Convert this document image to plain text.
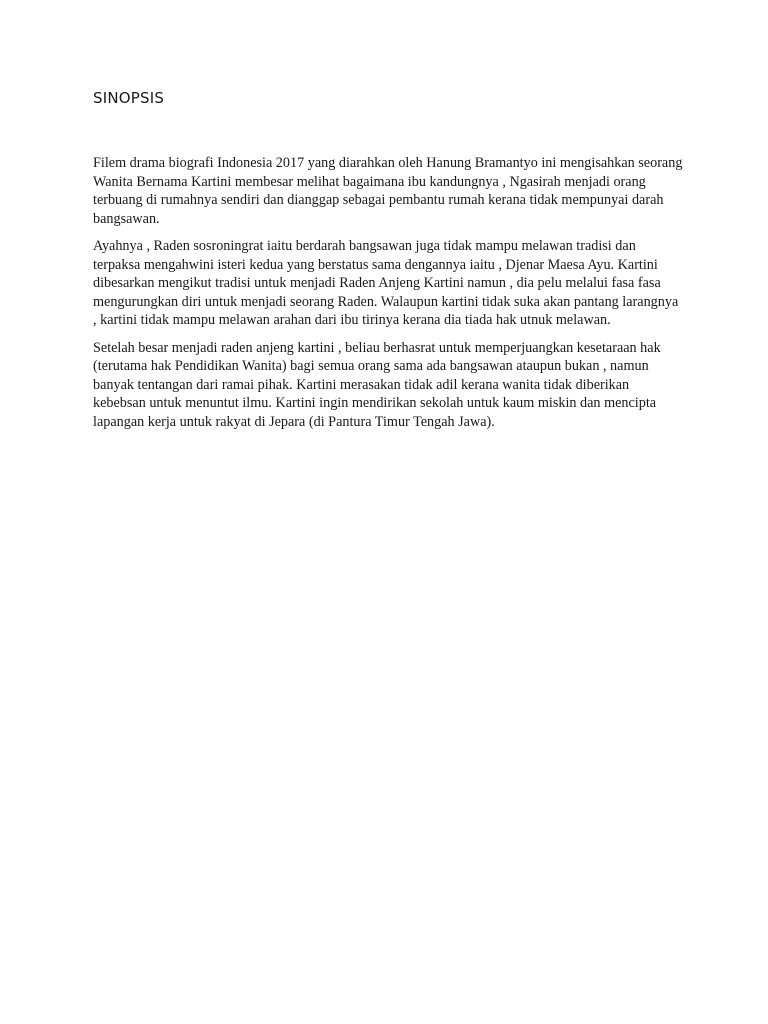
SINOPSIS

Filem drama biografi Indonesia 2017 yang diarahkan oleh Hanung Bramantyo ini mengisahkan seorang Wanita Bernama Kartini membesar melihat bagaimana ibu kandungnya , Ngasirah menjadi orang terbuang di rumahnya sendiri dan dianggap sebagai pembantu rumah kerana tidak mempunyai darah bangsawan.

Ayahnya , Raden sosroningrat iaitu berdarah bangsawan juga tidak mampu melawan tradisi dan terpaksa mengahwini isteri kedua yang berstatus sama dengannya iaitu , Djenar Maesa Ayu. Kartini dibesarkan mengikut tradisi untuk menjadi Raden Anjeng Kartini namun , dia pelu melalui fasa fasa mengurungkan diri untuk menjadi seorang Raden. Walaupun kartini tidak suka akan pantang larangnya , kartini tidak mampu melawan arahan dari ibu tirinya kerana dia tiada hak utnuk melawan.

Setelah besar menjadi raden anjeng kartini , beliau berhasrat untuk memperjuangkan kesetaraan hak (terutama hak Pendidikan Wanita) bagi semua orang sama ada bangsawan ataupun bukan , namun banyak tentangan dari ramai pihak. Kartini merasakan tidak adil kerana wanita tidak diberikan kebebsan untuk menuntut ilmu. Kartini ingin mendirikan sekolah untuk kaum miskin dan mencipta lapangan kerja untuk rakyat di Jepara (di Pantura Timur Tengah Jawa).
